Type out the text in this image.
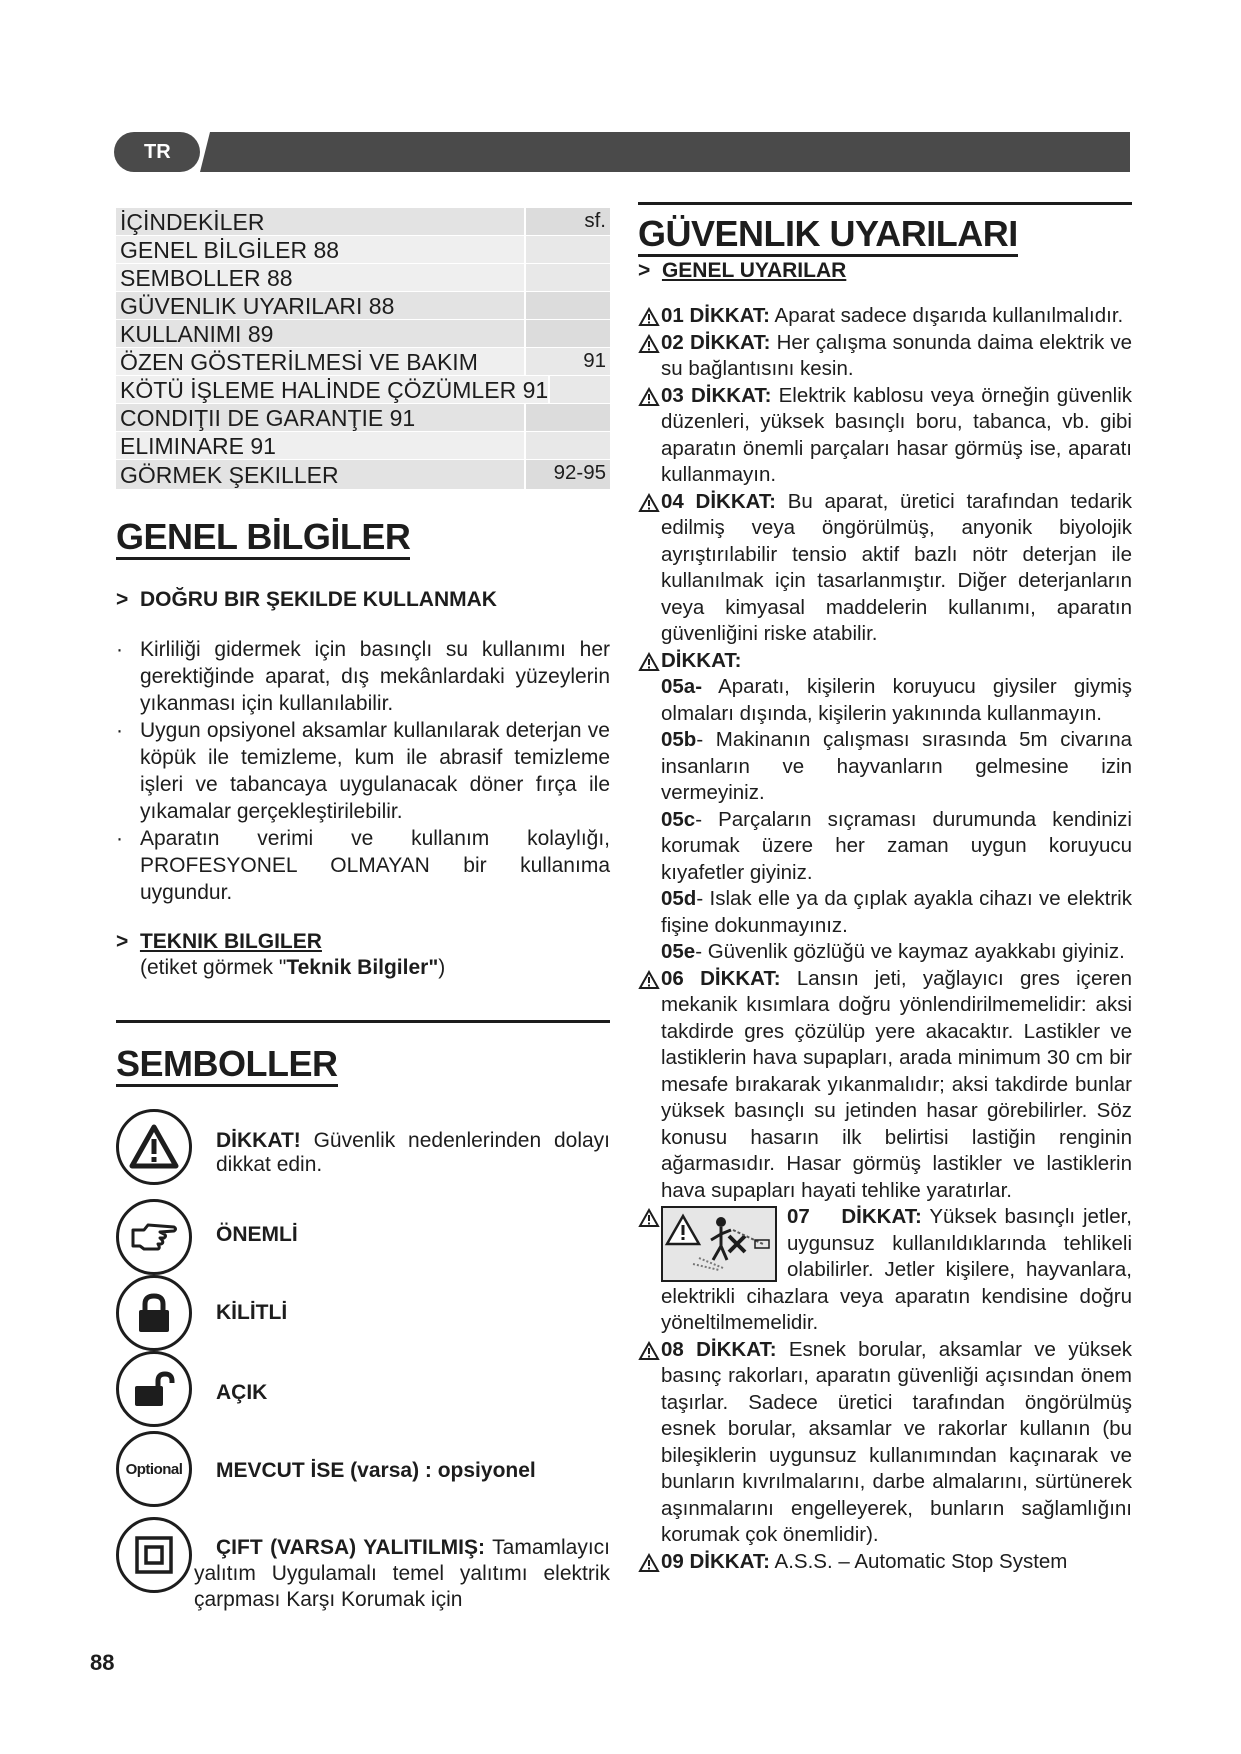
TR
İÇİNDEKİLER	sf.
GENEL BİLGİLER 88
SEMBOLLER 88
GÜVENLIK UYARILARI 88
KULLANIMI 89
ÖZEN GÖSTERİLMESİ VE BAKIM	91
KÖTÜ İŞLEME HALİNDE ÇÖZÜMLER 91
CONDIŢII DE GARANŢIE 91
ELIMINARE 91
GÖRMEK ŞEKILLER	92-95
GENEL BİLGİLER
> DOĞRU BIR ŞEKILDE KULLANMAK
· Kirliliği gidermek için basınçlı su kullanımı her gerektiğinde aparat, dış mekânlardaki yüzeylerin yıkanması için kullanılabilir.
· Uygun opsiyonel aksamlar kullanılarak deterjan ve köpük ile temizleme, kum ile abrasif temizleme işleri ve tabancaya uygulanacak döner fırça ile yıkamalar gerçekleştirilebilir.
· Aparatın verimi ve kullanım kolaylığı, PROFESYONEL OLMAYAN bir kullanıma uygundur.
> TEKNIK BILGILER
(etiket görmek "Teknik Bilgiler")
SEMBOLLER
DİKKAT! Güvenlik nedenlerinden dolayı dikkat edin.
ÖNEMLİ
KİLİTLİ
AÇIK
Optional MEVCUT İSE (varsa) : opsiyonel
ÇIFT (VARSA) YALITILMIŞ: Tamamlayıcı yalıtım Uygulamalı temel yalıtımı elektrik çarpması Karşı Korumak için
GÜVENLIK UYARILARI
> GENEL UYARILAR
01 DİKKAT: Aparat sadece dışarıda kullanılmalıdır.
02 DİKKAT: Her çalışma sonunda daima elektrik ve su bağlantısını kesin.
03 DİKKAT: Elektrik kablosu veya örneğin güvenlik düzenleri, yüksek basınçlı boru, tabanca, vb. gibi aparatın önemli parçaları hasar görmüş ise, aparatı kullanmayın.
04 DİKKAT: Bu aparat, üretici tarafından tedarik edilmiş veya öngörülmüş, anyonik biyolojik ayrıştırılabilir tensio aktif bazlı nötr deterjan ile kullanılmak için tasarlanmıştır. Diğer deterjanların veya kimyasal maddelerin kullanımı, aparatın güvenliğini riske atabilir.
DİKKAT:
05a- Aparatı, kişilerin koruyucu giysiler giymiş olmaları dışında, kişilerin yakınında kullanmayın.
05b- Makinanın çalışması sırasında 5m civarına insanların ve hayvanların gelmesine izin vermeyiniz.
05c- Parçaların sıçraması durumunda kendinizi korumak üzere her zaman uygun koruyucu kıyafetler giyiniz.
05d- Islak elle ya da çıplak ayakla cihazı ve elektrik fişine dokunmayınız.
05e- Güvenlik gözlüğü ve kaymaz ayakkabı giyiniz.
06 DİKKAT: Lansın jeti, yağlayıcı gres içeren mekanik kısımlara doğru yönlendirilmemelidir: aksi takdirde gres çözülüp yere akacaktır. Lastikler ve lastiklerin hava supapları, arada minimum 30 cm bir mesafe bırakarak yıkanmalıdır; aksi takdirde bunlar yüksek basınçlı su jetinden hasar görebilirler. Söz konusu hasarın ilk belirtisi lastiğin renginin ağarmasıdır. Hasar görmüş lastikler ve lastiklerin hava supapları hayati tehlike yaratırlar.
07 DİKKAT: Yüksek basınçlı jetler, uygunsuz kullanıldıklarında tehlikeli olabilirler. Jetler kişilere, hayvanlara, elektrikli cihazlara veya aparatın kendisine doğru yöneltilmemelidir.
08 DİKKAT: Esnek borular, aksamlar ve yüksek basınç rakorları, aparatın güvenliği açısından önem taşırlar. Sadece üretici tarafından öngörülmüş esnek borular, aksamlar ve rakorlar kullanın (bu bileşiklerin uygunsuz kullanımından kaçınarak ve bunların kıvrılmalarını, darbe almalarını, sürtünerek aşınmalarını engelleyerek, bunların sağlamlığını korumak çok önemlidir).
09 DİKKAT: A.S.S. – Automatic Stop System
88
